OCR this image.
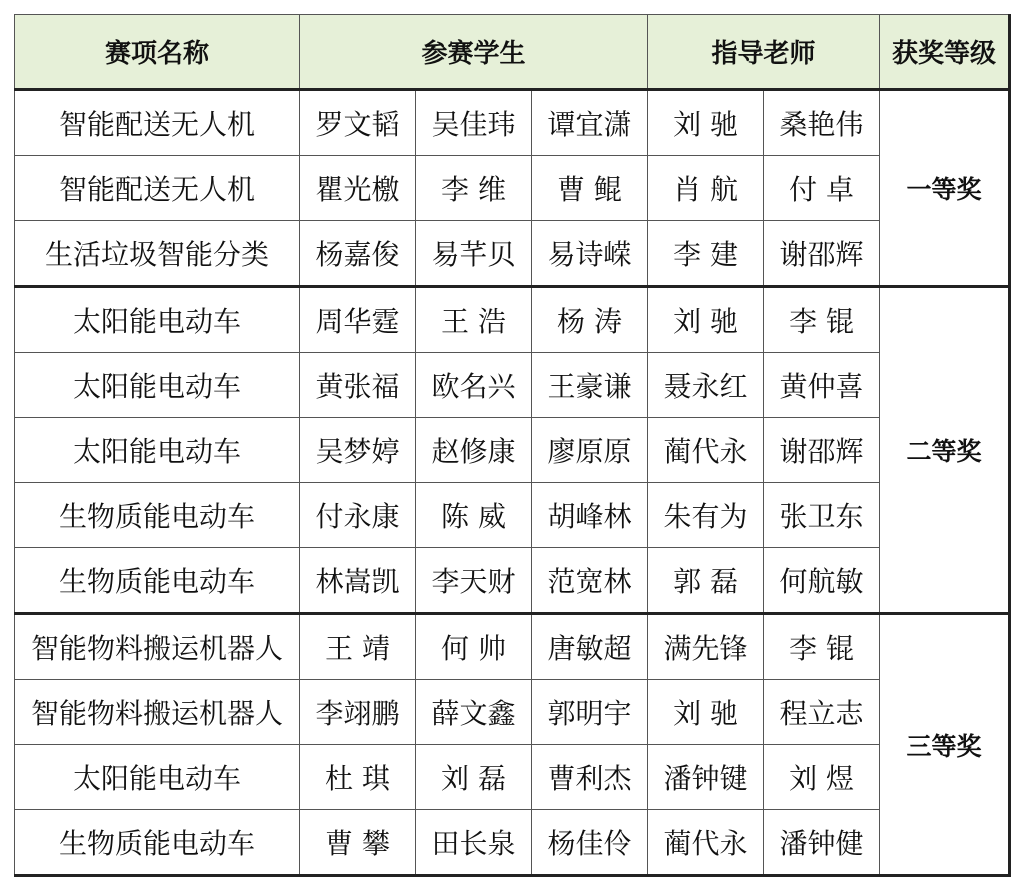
赛项名称	参赛学生			指导老师		获奖等级
智能配送无人机	罗文韬	吴佳玮	谭宜潇	刘 驰	桑艳伟	一等奖
智能配送无人机	瞿光檄	李 维	曹 鲲	肖 航	付 卓	
生活垃圾智能分类	杨嘉俊	易芊贝	易诗嵘	李 建	谢邵辉	
太阳能电动车	周华霆	王 浩	杨 涛	刘 驰	李 锟	二等奖
太阳能电动车	黄张福	欧名兴	王豪谦	聂永红	黄仲喜	
太阳能电动车	吴梦婷	赵修康	廖原原	蔺代永	谢邵辉	
生物质能电动车	付永康	陈 威	胡峰林	朱有为	张卫东	
生物质能电动车	林嵩凯	李天财	范宽林	郭 磊	何航敏	
智能物料搬运机器人	王 靖	何 帅	唐敏超	满先锋	李 锟	三等奖
智能物料搬运机器人	李翊鹏	薛文鑫	郭明宇	刘 驰	程立志	
太阳能电动车	杜 琪	刘 磊	曹利杰	潘钟键	刘 煜	
生物质能电动车	曹 攀	田长泉	杨佳伶	蔺代永	潘钟健	
